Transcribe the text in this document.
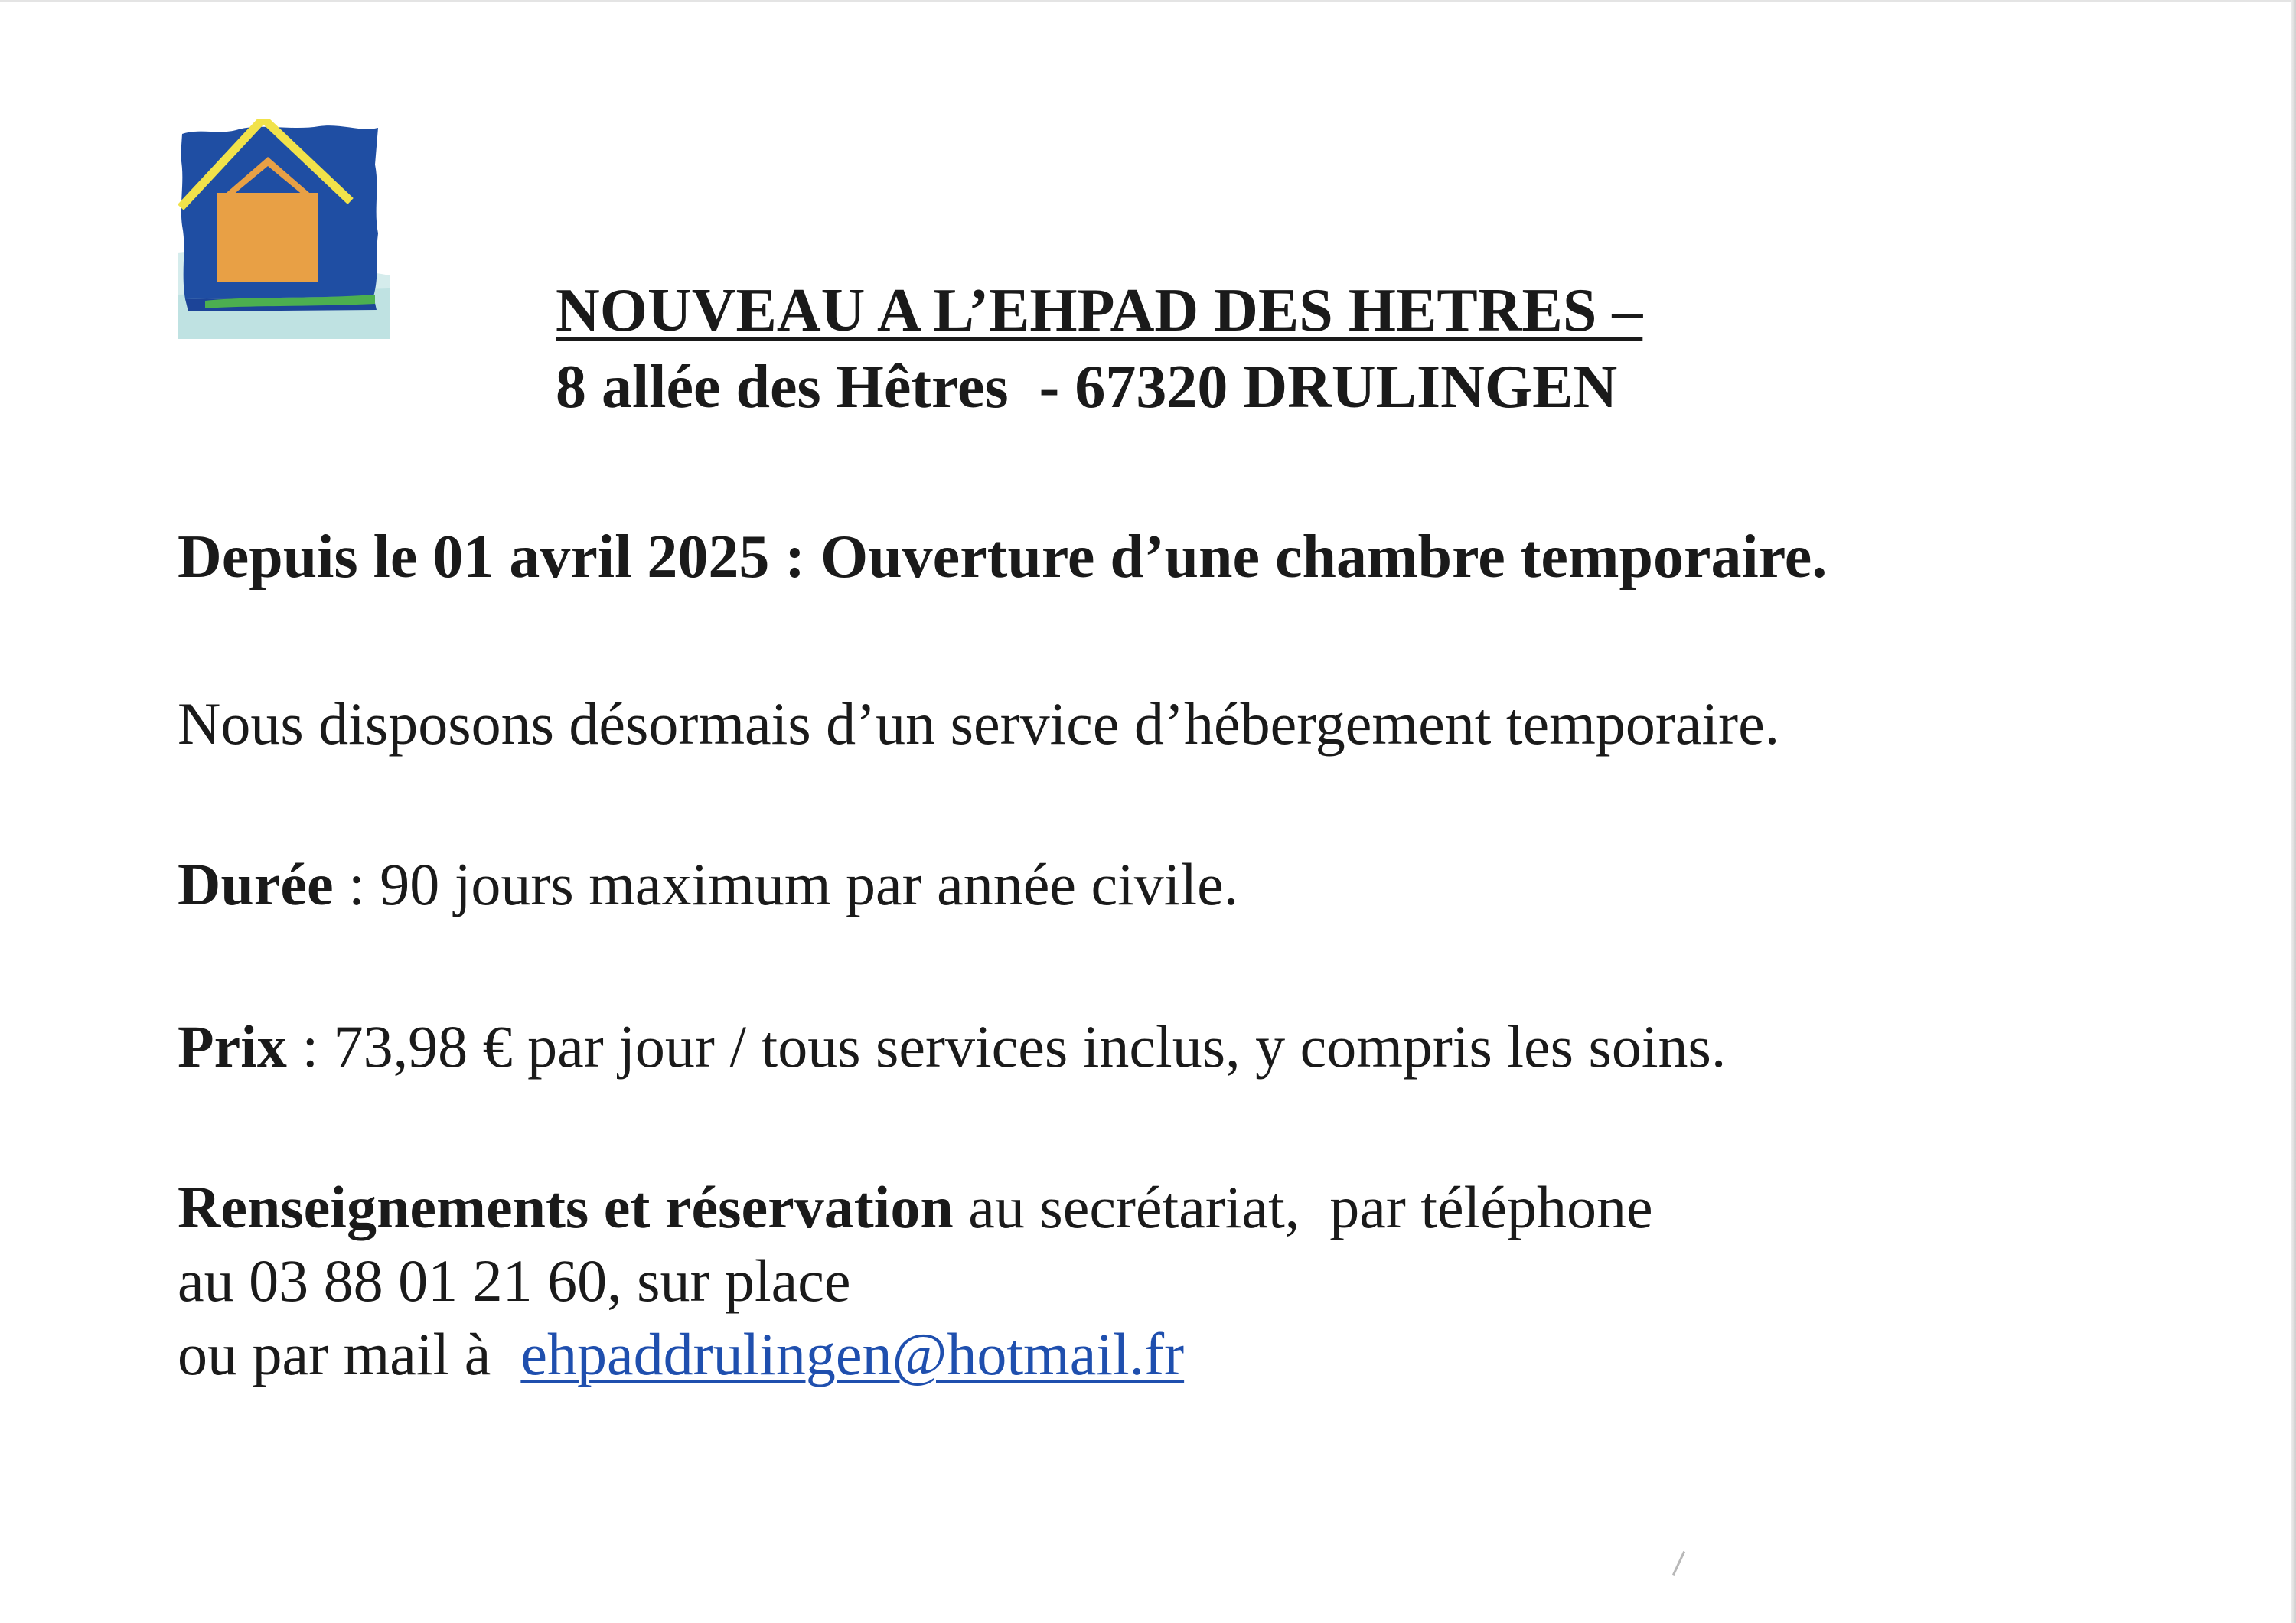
NOUVEAU A L’EHPAD DES HETRES –
8 allée des Hêtres  - 67320 DRULINGEN

Depuis le 01 avril 2025 : Ouverture d’une chambre temporaire.

Nous disposons désormais d’un service d’hébergement temporaire.

Durée : 90 jours maximum par année civile.

Prix : 73,98 € par jour / tous services inclus, y compris les soins.

Renseignements et réservation au secrétariat,  par téléphone

au 03 88 01 21 60, sur place

ou par mail à  ehpaddrulingen@hotmail.fr
